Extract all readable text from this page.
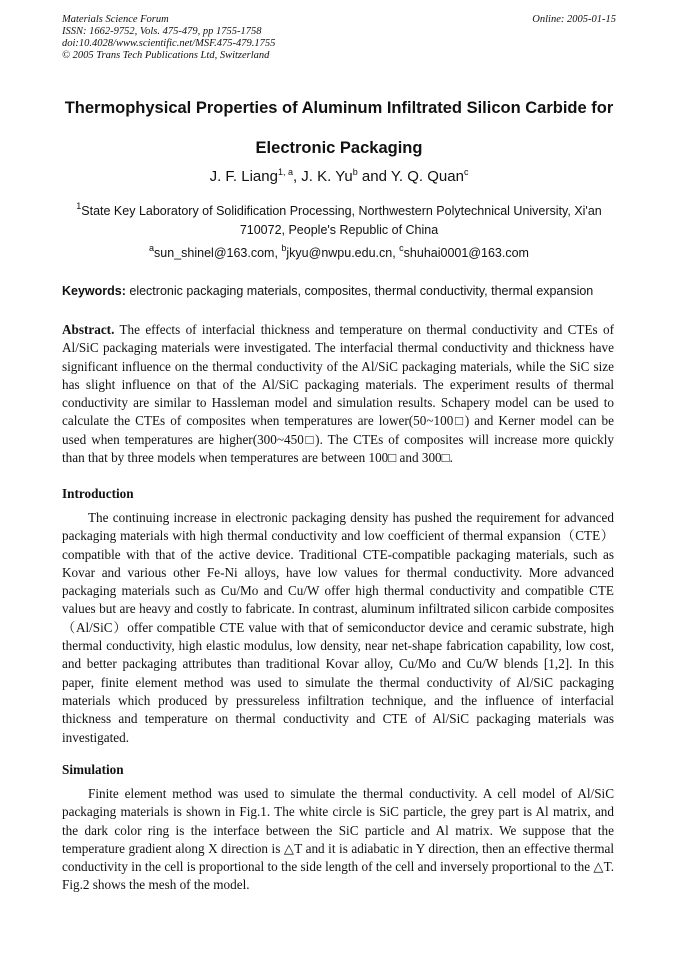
Materials Science Forum
ISSN: 1662-9752, Vols. 475-479, pp 1755-1758
doi:10.4028/www.scientific.net/MSF.475-479.1755
© 2005 Trans Tech Publications Ltd, Switzerland
Online: 2005-01-15
Thermophysical Properties of Aluminum Infiltrated Silicon Carbide for
Electronic Packaging
J. F. Liang$^{1, a}$, J. K. Yu$^b$ and Y. Q. Quan$^c$
$^1$State Key Laboratory of Solidification Processing, Northwestern Polytechnical University, Xi'an
710072, People's Republic of China
$^a$sun_shinel@163.com, $^b$jkyu@nwpu.edu.cn, $^c$shuhai0001@163.com
Keywords: electronic packaging materials, composites, thermal conductivity, thermal expansion

Abstract. The effects of interfacial thickness and temperature on thermal conductivity and CTEs of Al/SiC packaging materials were investigated. The interfacial thermal conductivity and thickness have significant influence on the thermal conductivity of the Al/SiC packaging materials, while the SiC size has slight influence on that of the Al/SiC packaging materials. The experiment results of thermal conductivity are similar to Hassleman model and simulation results. Schapery model can be used to calculate the CTEs of composites when temperatures are lower(50~100□) and Kerner model can be used when temperatures are higher(300~450□). The CTEs of composites will increase more quickly than that by three models when temperatures are between 100□ and 300□.

Introduction

The continuing increase in electronic packaging density has pushed the requirement for advanced packaging materials with high thermal conductivity and low coefficient of thermal expansion（CTE） compatible with that of the active device. Traditional CTE-compatible packaging materials, such as Kovar and various other Fe-Ni alloys, have low values for thermal conductivity. More advanced packaging materials such as Cu/Mo and Cu/W offer high thermal conductivity and compatible CTE values but are heavy and costly to fabricate. In contrast, aluminum infiltrated silicon carbide composites（Al/SiC）offer compatible CTE value with that of semiconductor device and ceramic substrate, high thermal conductivity, high elastic modulus, low density, near net-shape fabrication capability, low cost, and better packaging attributes than traditional Kovar alloy, Cu/Mo and Cu/W blends [1,2]. In this paper, finite element method was used to simulate the thermal conductivity of Al/SiC packaging materials which produced by pressureless infiltration technique, and the influence of interfacial thickness and temperature on thermal conductivity and CTE of Al/SiC packaging materials was investigated.

Simulation

Finite element method was used to simulate the thermal conductivity. A cell model of Al/SiC packaging materials is shown in Fig.1. The white circle is SiC particle, the grey part is Al matrix, and the dark color ring is the interface between the SiC particle and Al matrix. We suppose that the temperature gradient along X direction is △T and it is adiabatic in Y direction, then an effective thermal conductivity in the cell is proportional to the side length of the cell and inversely proportional to the △T. Fig.2 shows the mesh of the model.
